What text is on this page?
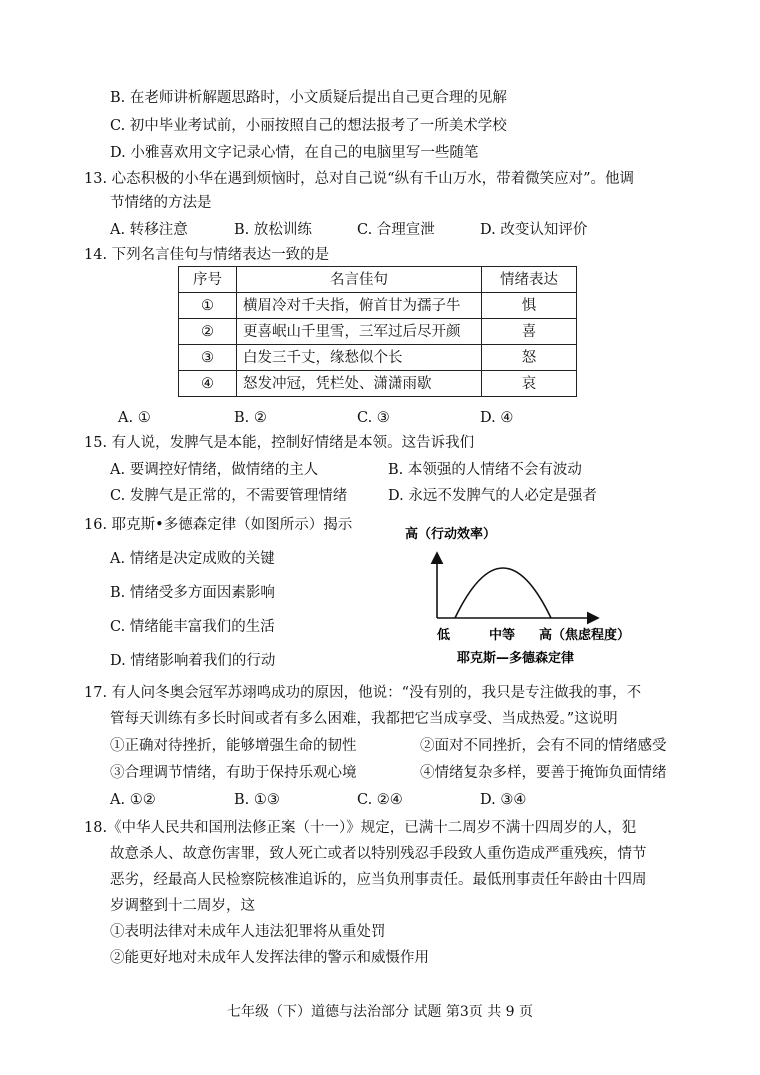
B. 在老师讲析解题思路时，小文质疑后提出自己更合理的见解
C. 初中毕业考试前，小丽按照自己的想法报考了一所美术学校
D. 小雅喜欢用文字记录心情，在自己的电脑里写一些随笔
13. 心态积极的小华在遇到烦恼时，总对自己说“纵有千山万水，带着微笑应对”。他调
节情绪的方法是
A. 转移注意	B. 放松训练	C. 合理宣泄	D. 改变认知评价
14. 下列名言佳句与情绪表达一致的是
序号	名言佳句	情绪表达
①	横眉冷对千夫指，俯首甘为孺子牛	惧
②	更喜岷山千里雪，三军过后尽开颜	喜
③	白发三千丈，缘愁似个长	怒
④	怒发冲冠，凭栏处、潇潇雨歇	哀
A. ①	B. ②	C. ③	D. ④
15. 有人说，发脾气是本能，控制好情绪是本领。这告诉我们
A. 要调控好情绪，做情绪的主人	B. 本领强的人情绪不会有波动
C. 发脾气是正常的，不需要管理情绪	D. 永远不发脾气的人必定是强者
16. 耶克斯•多德森定律（如图所示）揭示
A. 情绪是决定成败的关键
B. 情绪受多方面因素影响
C. 情绪能丰富我们的生活
D. 情绪影响着我们的行动
高（行动效率）
低	中等 高（焦虑程度）
耶克斯—多德森定律
17. 有人问冬奥会冠军苏翊鸣成功的原因，他说：“没有别的，我只是专注做我的事，不
管每天训练有多长时间或者有多么困难，我都把它当成享受、当成热爱。”这说明
①正确对待挫折，能够增强生命的韧性	②面对不同挫折，会有不同的情绪感受
③合理调节情绪，有助于保持乐观心境	④情绪复杂多样，要善于掩饰负面情绪
A. ①②	B. ①③	C. ②④	D. ③④
18.《中华人民共和国刑法修正案（十一）》规定，已满十二周岁不满十四周岁的人，犯
故意杀人、故意伤害罪，致人死亡或者以特别残忍手段致人重伤造成严重残疾，情节
恶劣，经最高人民检察院核准追诉的，应当负刑事责任。最低刑事责任年龄由十四周
岁调整到十二周岁，这
①表明法律对未成年人违法犯罪将从重处罚
②能更好地对未成年人发挥法律的警示和威慑作用
七年级（下）道德与法治部分 试题 第3页 共 9 页
